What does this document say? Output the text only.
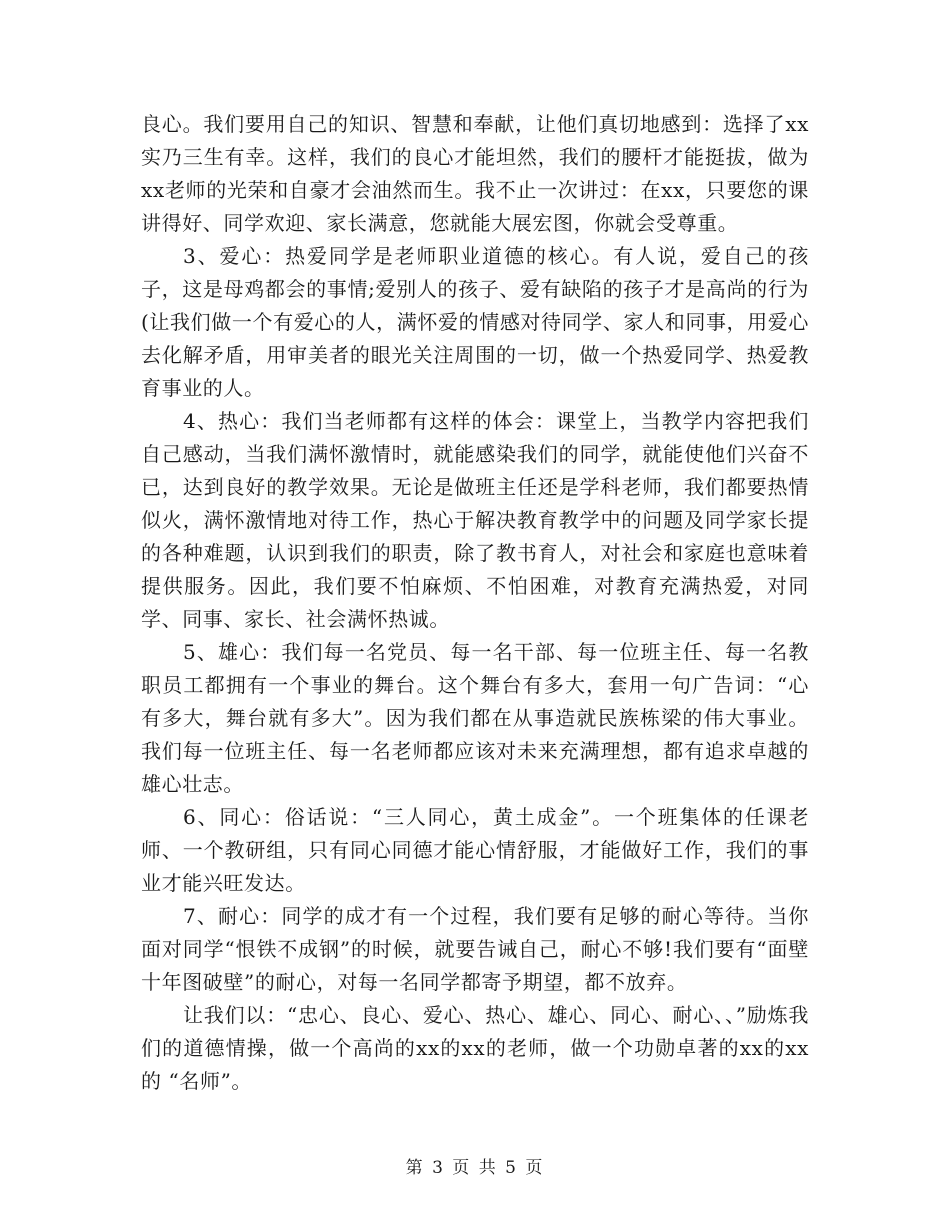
良心。我们要用自己的知识、智慧和奉献，让他们真切地感到：选择了xx实乃三生有幸。这样，我们的良心才能坦然，我们的腰杆才能挺拔，做为xx老师的光荣和自豪才会油然而生。我不止一次讲过：在xx，只要您的课讲得好、同学欢迎、家长满意，您就能大展宏图，你就会受尊重。

3、爱心：热爱同学是老师职业道德的核心。有人说，爱自己的孩子，这是母鸡都会的事情;爱别人的孩子、爱有缺陷的孩子才是高尚的行为(让我们做一个有爱心的人，满怀爱的情感对待同学、家人和同事，用爱心去化解矛盾，用审美者的眼光关注周围的一切，做一个热爱同学、热爱教育事业的人。

4、热心：我们当老师都有这样的体会：课堂上，当教学内容把我们自己感动，当我们满怀激情时，就能感染我们的同学，就能使他们兴奋不已，达到良好的教学效果。无论是做班主任还是学科老师，我们都要热情似火，满怀激情地对待工作，热心于解决教育教学中的问题及同学家长提的各种难题，认识到我们的职责，除了教书育人，对社会和家庭也意味着提供服务。因此，我们要不怕麻烦、不怕困难，对教育充满热爱，对同学、同事、家长、社会满怀热诚。

5、雄心：我们每一名党员、每一名干部、每一位班主任、每一名教职员工都拥有一个事业的舞台。这个舞台有多大，套用一句广告词：“心有多大，舞台就有多大”。因为我们都在从事造就民族栋梁的伟大事业。我们每一位班主任、每一名老师都应该对未来充满理想，都有追求卓越的雄心壮志。

6、同心：俗话说：“三人同心，黄土成金”。一个班集体的任课老师、一个教研组，只有同心同德才能心情舒服，才能做好工作，我们的事业才能兴旺发达。

7、耐心：同学的成才有一个过程，我们要有足够的耐心等待。当你面对同学“恨铁不成钢”的时候，就要告诫自己，耐心不够!我们要有“面壁十年图破壁”的耐心，对每一名同学都寄予期望，都不放弃。

让我们以：“忠心、良心、爱心、热心、雄心、同心、耐心、、”励炼我们的道德情操，做一个高尚的xx的xx的老师，做一个功勋卓著的xx的xx的 “名师”。

第 3 页 共 5 页
